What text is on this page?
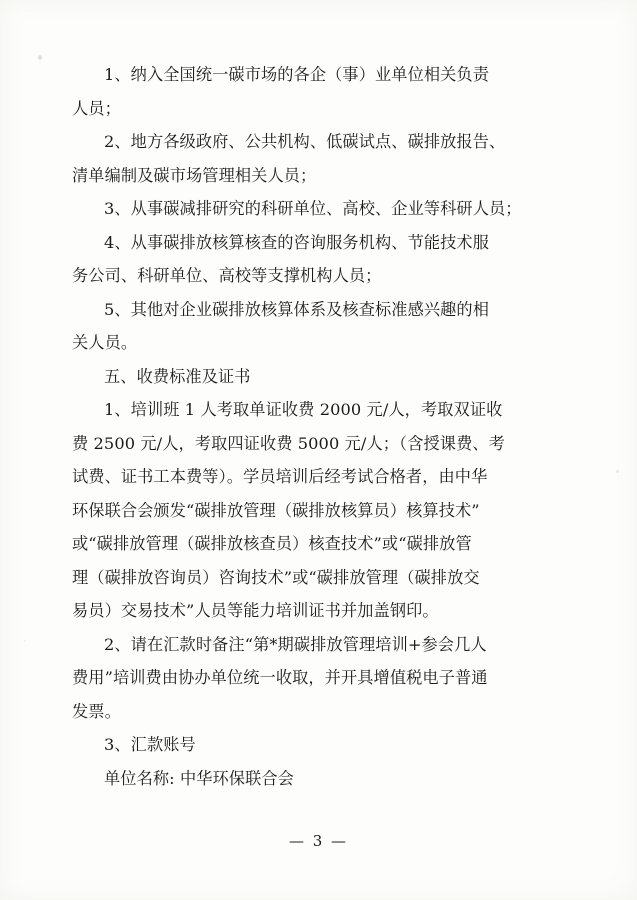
1、纳入全国统一碳市场的各企（事）业单位相关负责

人员；

2、地方各级政府、公共机构、低碳试点、碳排放报告、

清单编制及碳市场管理相关人员；

3、从事碳减排研究的科研单位、高校、企业等科研人员；

4、从事碳排放核算核查的咨询服务机构、节能技术服

务公司、科研单位、高校等支撑机构人员；

5、其他对企业碳排放核算体系及核查标准感兴趣的相

关人员。

五、收费标准及证书

1、培训班 1 人考取单证收费 2000 元/人，考取双证收

费 2500 元/人，考取四证收费 5000 元/人；（含授课费、考

试费、证书工本费等）。学员培训后经考试合格者，由中华

环保联合会颁发“碳排放管理（碳排放核算员）核算技术”

或“碳排放管理（碳排放核查员）核查技术”或“碳排放管

理（碳排放咨询员）咨询技术”或“碳排放管理（碳排放交

易员）交易技术”人员等能力培训证书并加盖钢印。

2、请在汇款时备注“第*期碳排放管理培训+参会几人

费用”培训费由协办单位统一收取，并开具增值税电子普通

发票。

3、汇款账号

单位名称: 中华环保联合会

— 3 —
